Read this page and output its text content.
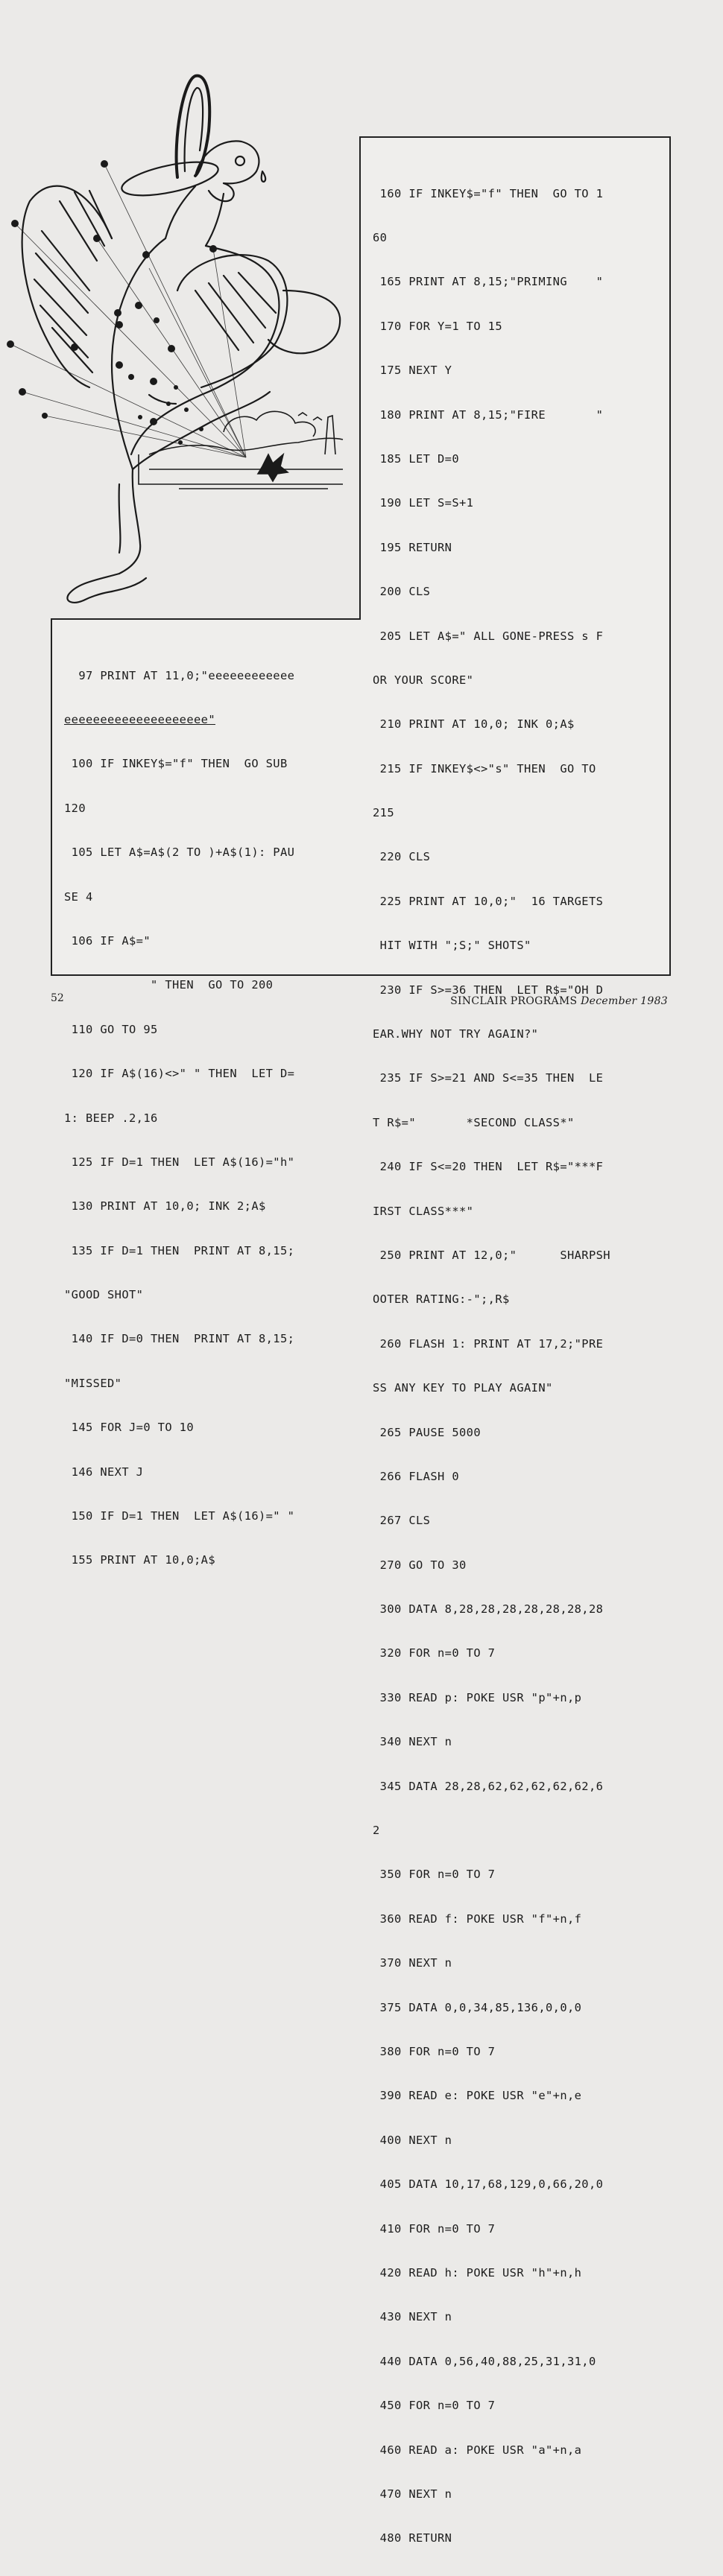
160 IF INKEY$="f" THEN  GO TO 1

60

165 PRINT AT 8,15;"PRIMING    "

170 FOR Y=1 TO 15

175 NEXT Y

180 PRINT AT 8,15;"FIRE       "

185 LET D=0

190 LET S=S+1

195 RETURN

200 CLS

205 LET A$=" ALL GONE-PRESS s F

OR YOUR SCORE"

210 PRINT AT 10,0; INK 0;A$

215 IF INKEY$<>"s" THEN  GO TO

215

220 CLS

225 PRINT AT 10,0;"  16 TARGETS

HIT WITH ";S;" SHOTS"

230 IF S>=36 THEN  LET R$="OH D

EAR.WHY NOT TRY AGAIN?"

235 IF S>=21 AND S<=35 THEN  LE

T R$="       *SECOND CLASS*"

240 IF S<=20 THEN  LET R$="***F

IRST CLASS***"

250 PRINT AT 12,0;"      SHARPSH

OOTER RATING:-";,R$

260 FLASH 1: PRINT AT 17,2;"PRE

SS ANY KEY TO PLAY AGAIN"

265 PAUSE 5000

266 FLASH 0

267 CLS

270 GO TO 30

300 DATA 8,28,28,28,28,28,28,28

320 FOR n=0 TO 7

330 READ p: POKE USR "p"+n,p

340 NEXT n

345 DATA 28,28,62,62,62,62,62,6

2

350 FOR n=0 TO 7

360 READ f: POKE USR "f"+n,f

370 NEXT n

375 DATA 0,0,34,85,136,0,0,0

380 FOR n=0 TO 7

390 READ e: POKE USR "e"+n,e

400 NEXT n

405 DATA 10,17,68,129,0,66,20,0

410 FOR n=0 TO 7

420 READ h: POKE USR "h"+n,h

430 NEXT n

440 DATA 0,56,40,88,25,31,31,0

450 FOR n=0 TO 7

460 READ a: POKE USR "a"+n,a

470 NEXT n

480 RETURN

97 PRINT AT 11,0;"eeeeeeeeeeee

eeeeeeeeeeeeeeeeeeee"

100 IF INKEY$="f" THEN  GO SUB

120

105 LET A$=A$(2 TO )+A$(1): PAU

SE 4

106 IF A$="

" THEN  GO TO 200

110 GO TO 95

120 IF A$(16)<>" " THEN  LET D=

1: BEEP .2,16

125 IF D=1 THEN  LET A$(16)="h"

130 PRINT AT 10,0; INK 2;A$

135 IF D=1 THEN  PRINT AT 8,15;

"GOOD SHOT"

140 IF D=0 THEN  PRINT AT 8,15;

"MISSED"

145 FOR J=0 TO 10

146 NEXT J

150 IF D=1 THEN  LET A$(16)=" "

155 PRINT AT 10,0;A$

52	SINCLAIR PROGRAMS December 1983
